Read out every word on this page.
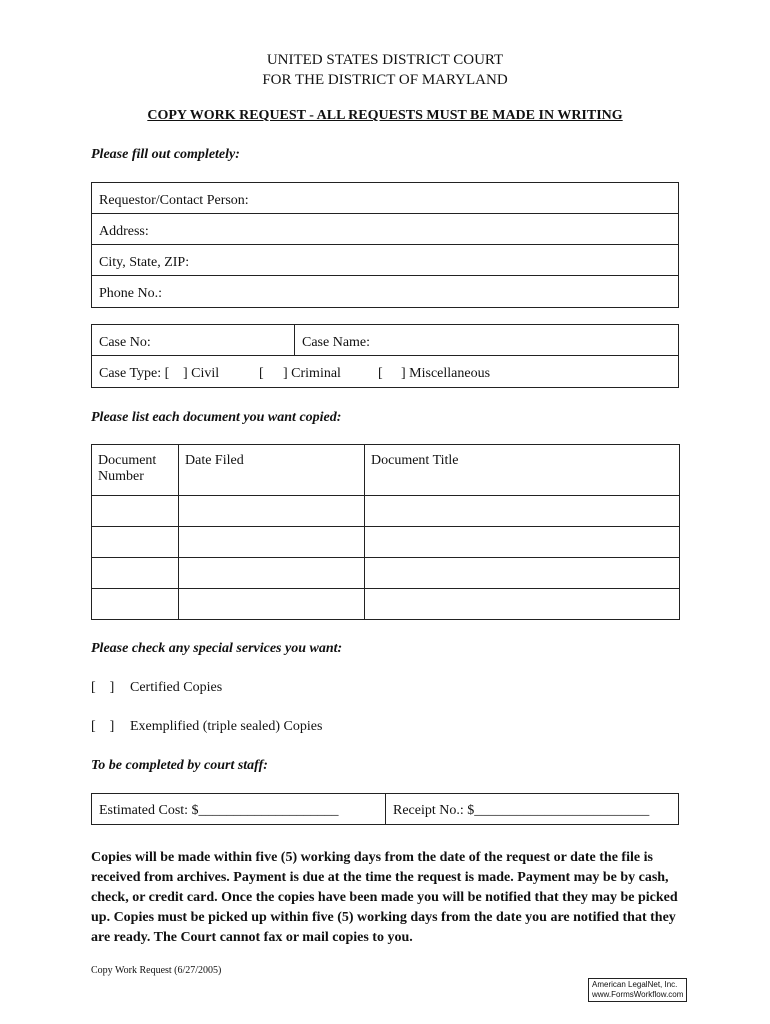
UNITED STATES DISTRICT COURT
FOR THE DISTRICT OF MARYLAND
COPY WORK REQUEST - ALL REQUESTS MUST BE MADE IN WRITING
Please fill out completely:
Requestor/Contact Person:
Address:
City, State, ZIP:
Phone No.:
Case No:	Case Name:
Case Type: [ ] Civil	[	] Criminal	[	] Miscellaneous
Please list each document you want copied:
Document
Number	Date Filed	Document Title

Please check any special services you want:
[    ]	Certified Copies
[    ]	Exemplified (triple sealed) Copies
To be completed by court staff:
Estimated Cost: $____________________	Receipt No.: $_________________________
Copies will be made within five (5) working days from the date of the request or date the file is received from archives. Payment is due at the time the request is made. Payment may be by cash, check, or credit card. Once the copies have been made you will be notified that they may be picked up. Copies must be picked up within five (5) working days from the date you are notified that they are ready. The Court cannot fax or mail copies to you.
Copy Work Request (6/27/2005)
American LegalNet, Inc.
www.FormsWorkflow.com
